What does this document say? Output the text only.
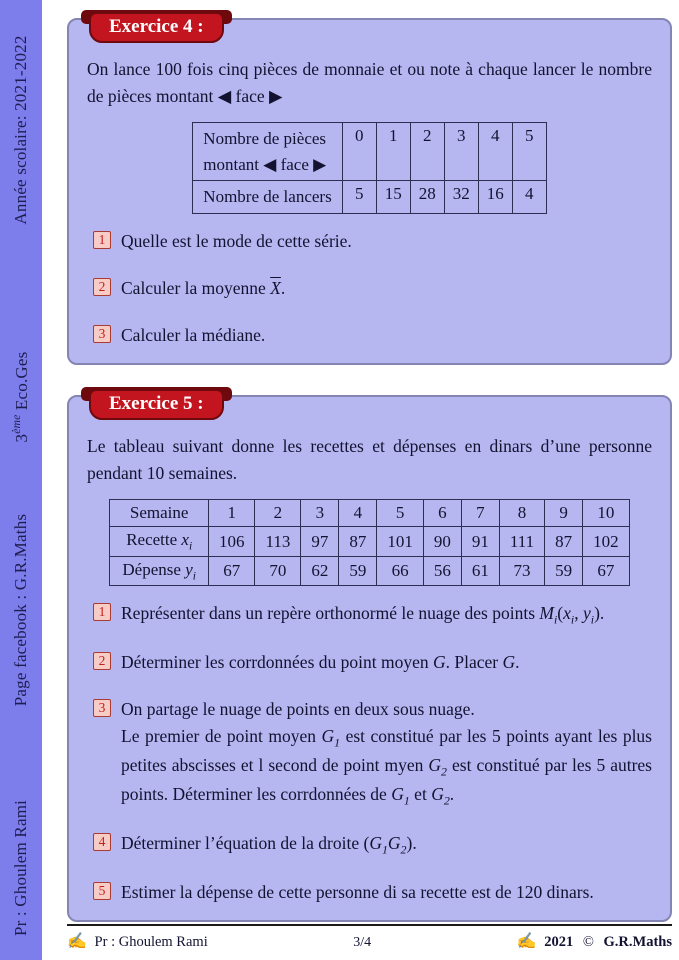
Année scolaire: 2021-2022
3ème Eco.Ges
Page facebook : G.R.Maths
Pr : Ghoulem Rami
Exercice 4 :

On lance 100 fois cinq pièces de monnaie et ou note à chaque lancer le nombre de pièces montant ◀ face ▶

Nombre de pièces
montant ◀ face ▶	0	1	2	3	4	5
Nombre de lancers	5	15	28	32	16	4
1 Quelle est le mode de cette série.
2 Calculer la moyenne $\overline{X}$.
3 Calculer la médiane.
Exercice 5 :

Le tableau suivant donne les recettes et dépenses en dinars d’une personne pendant 10 semaines.

Semaine	1	2	3	4	5	6	7	8	9	10
Recette $x_i$	106	113	97	87	101	90	91	111	87	102
Dépense $y_i$	67	70	62	59	66	56	61	73	59	67
1 Représenter dans un repère orthonormé le nuage des points $M_i(x_i$, $y_i$).
2 Déterminer les corrdonnées du point moyen G. Placer G.
3 On partage le nuage de points en deux sous nuage.
Le premier de point moyen $G_1$ est constitué par les 5 points ayant les plus petites abscisses et l second de point myen $G_2$ est constitué par les 5 autres points. Déterminer les corrdonnées de $G_1$ et $G_2$.
4 Déterminer l’équation de la droite $(G_1G_2)$.
5 Estimer la dépense de cette personne di sa recette est de 120 dinars.
✍ Pr : Ghoulem Rami	3/4	✍ 2021 © G.R.Maths
